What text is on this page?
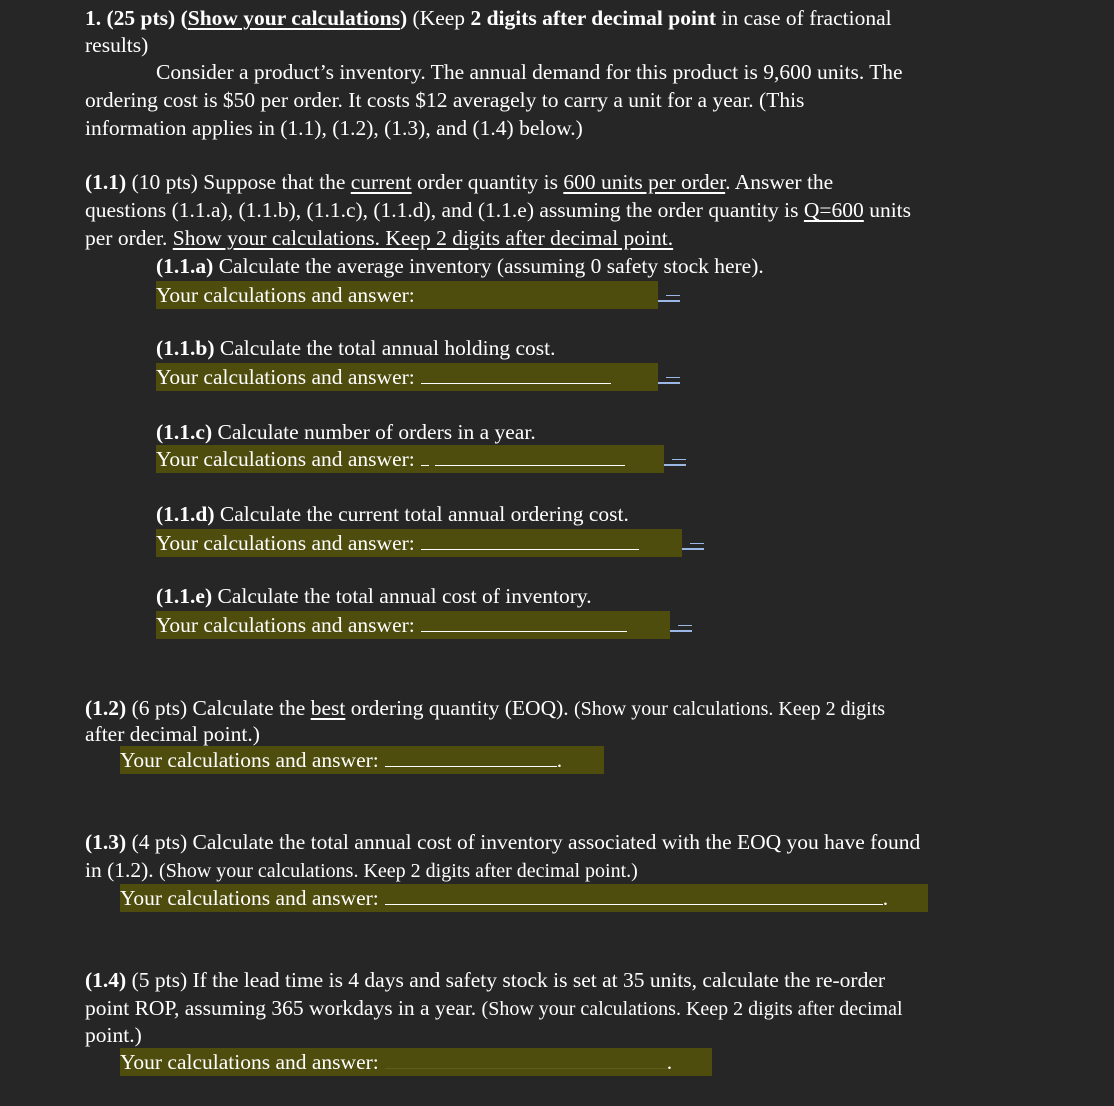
1. (25 pts) (Show your calculations) (Keep 2 digits after decimal point in case of fractional
results)
Consider a product’s inventory. The annual demand for this product is 9,600 units. The
ordering cost is $50 per order. It costs $12 averagely to carry a unit for a year. (This
information applies in (1.1), (1.2), (1.3), and (1.4) below.)
(1.1) (10 pts) Suppose that the current order quantity is 600 units per order. Answer the
questions (1.1.a), (1.1.b), (1.1.c), (1.1.d), and (1.1.e) assuming the order quantity is Q=600 units
per order. Show your calculations. Keep 2 digits after decimal point.
(1.1.a) Calculate the average inventory (assuming 0 safety stock here).
Your calculations and answer:
(1.1.b) Calculate the total annual holding cost.
Your calculations and answer:
(1.1.c) Calculate number of orders in a year.
Your calculations and answer:
(1.1.d) Calculate the current total annual ordering cost.
Your calculations and answer:
(1.1.e) Calculate the total annual cost of inventory.
Your calculations and answer:
(1.2) (6 pts) Calculate the best ordering quantity (EOQ). (Show your calculations. Keep 2 digits
after decimal point.)
Your calculations and answer:	.
(1.3) (4 pts) Calculate the total annual cost of inventory associated with the EOQ you have found
in (1.2). (Show your calculations. Keep 2 digits after decimal point.)
Your calculations and answer:	.
(1.4) (5 pts) If the lead time is 4 days and safety stock is set at 35 units, calculate the re-order
point ROP, assuming 365 workdays in a year. (Show your calculations. Keep 2 digits after decimal
point.)
Your calculations and answer:	.
